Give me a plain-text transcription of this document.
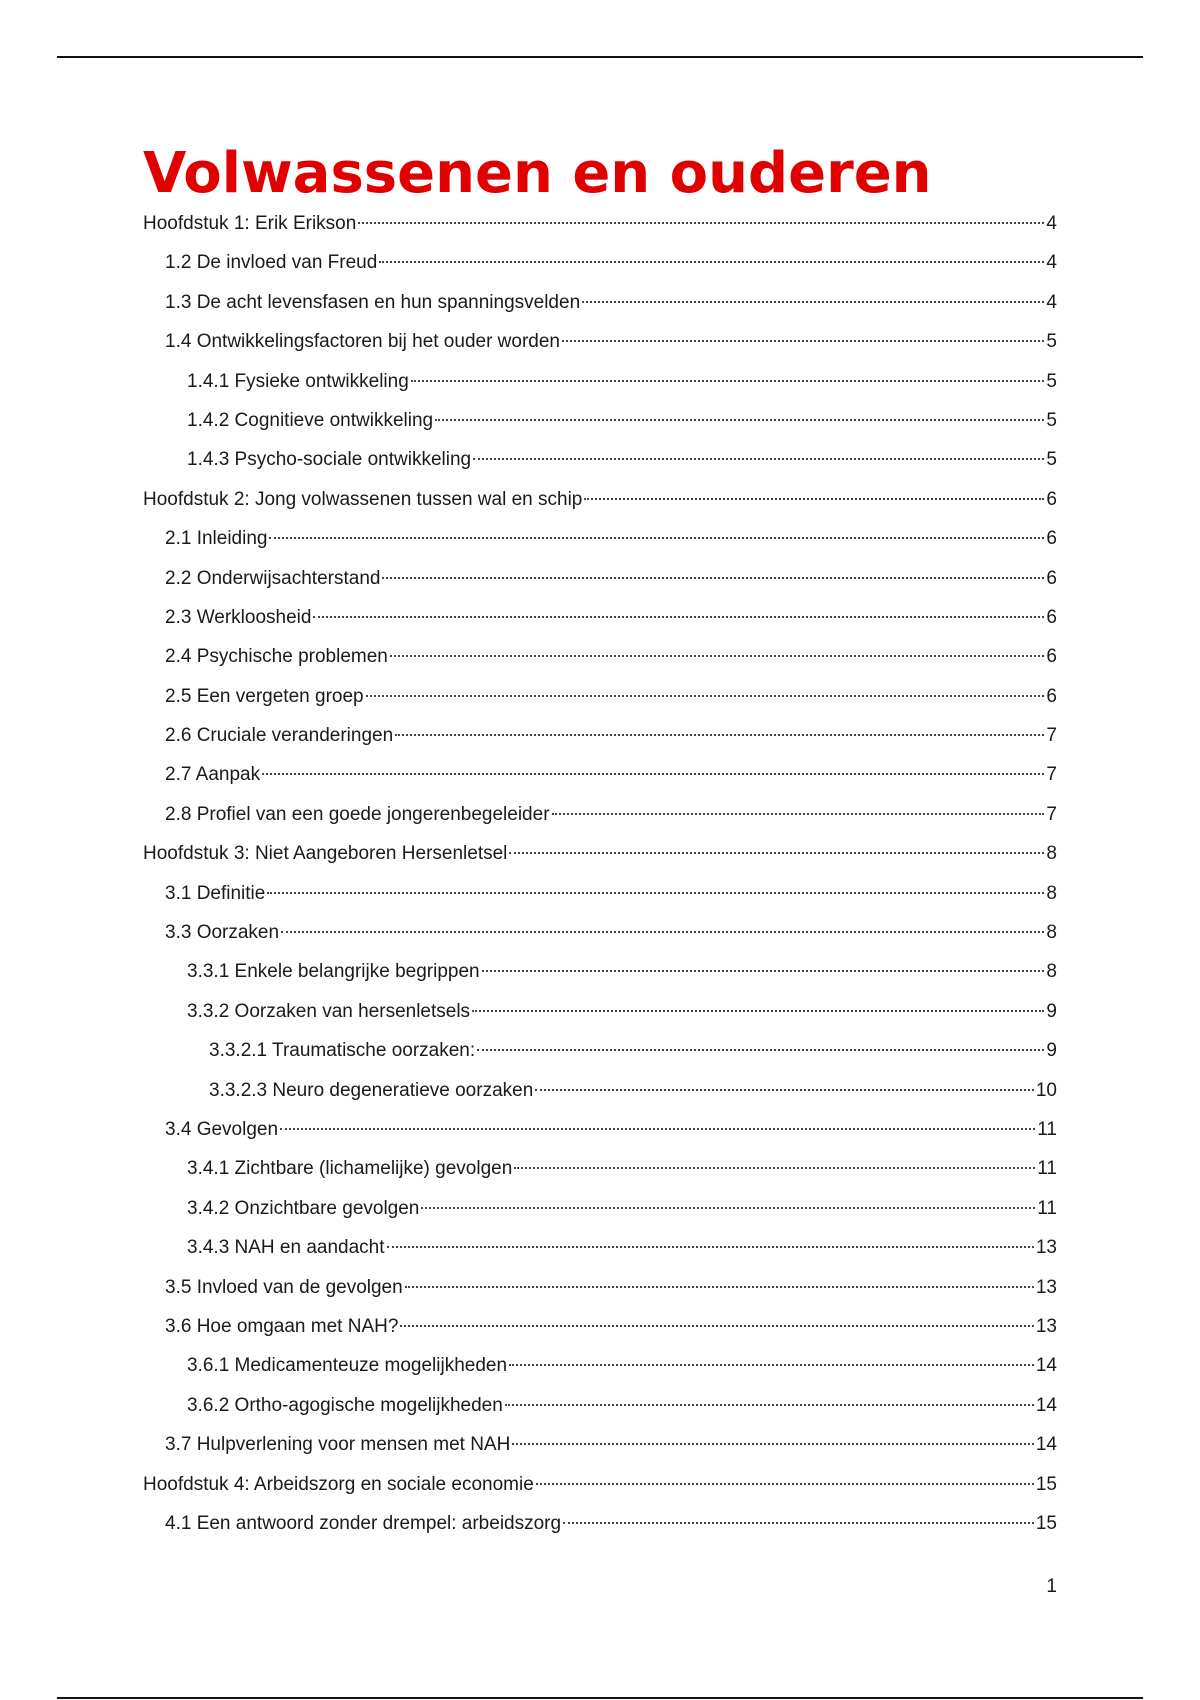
Volwassenen en ouderen
Hoofdstuk 1: Erik Erikson	4
1.2 De invloed van Freud	4
1.3 De acht levensfasen en hun spanningsvelden	4
1.4 Ontwikkelingsfactoren bij het ouder worden	5
1.4.1 Fysieke ontwikkeling	5
1.4.2 Cognitieve ontwikkeling	5
1.4.3 Psycho-sociale ontwikkeling	5
Hoofdstuk 2: Jong volwassenen tussen wal en schip	6
2.1 Inleiding	6
2.2 Onderwijsachterstand	6
2.3 Werkloosheid	6
2.4 Psychische problemen	6
2.5 Een vergeten groep	6
2.6 Cruciale veranderingen	7
2.7 Aanpak	7
2.8 Profiel van een goede jongerenbegeleider	7
Hoofdstuk 3: Niet Aangeboren Hersenletsel	8
3.1 Definitie	8
3.3 Oorzaken	8
3.3.1 Enkele belangrijke begrippen	8
3.3.2 Oorzaken van hersenletsels	9
3.3.2.1 Traumatische oorzaken:	9
3.3.2.3 Neuro degeneratieve oorzaken	10
3.4 Gevolgen	11
3.4.1 Zichtbare (lichamelijke) gevolgen	11
3.4.2 Onzichtbare gevolgen	11
3.4.3 NAH en aandacht	13
3.5 Invloed van de gevolgen	13
3.6 Hoe omgaan met NAH?	13
3.6.1 Medicamenteuze mogelijkheden	14
3.6.2 Ortho-agogische mogelijkheden	14
3.7 Hulpverlening voor mensen met NAH	14
Hoofdstuk 4: Arbeidszorg en sociale economie	15
4.1 Een antwoord zonder drempel: arbeidszorg	15
1
